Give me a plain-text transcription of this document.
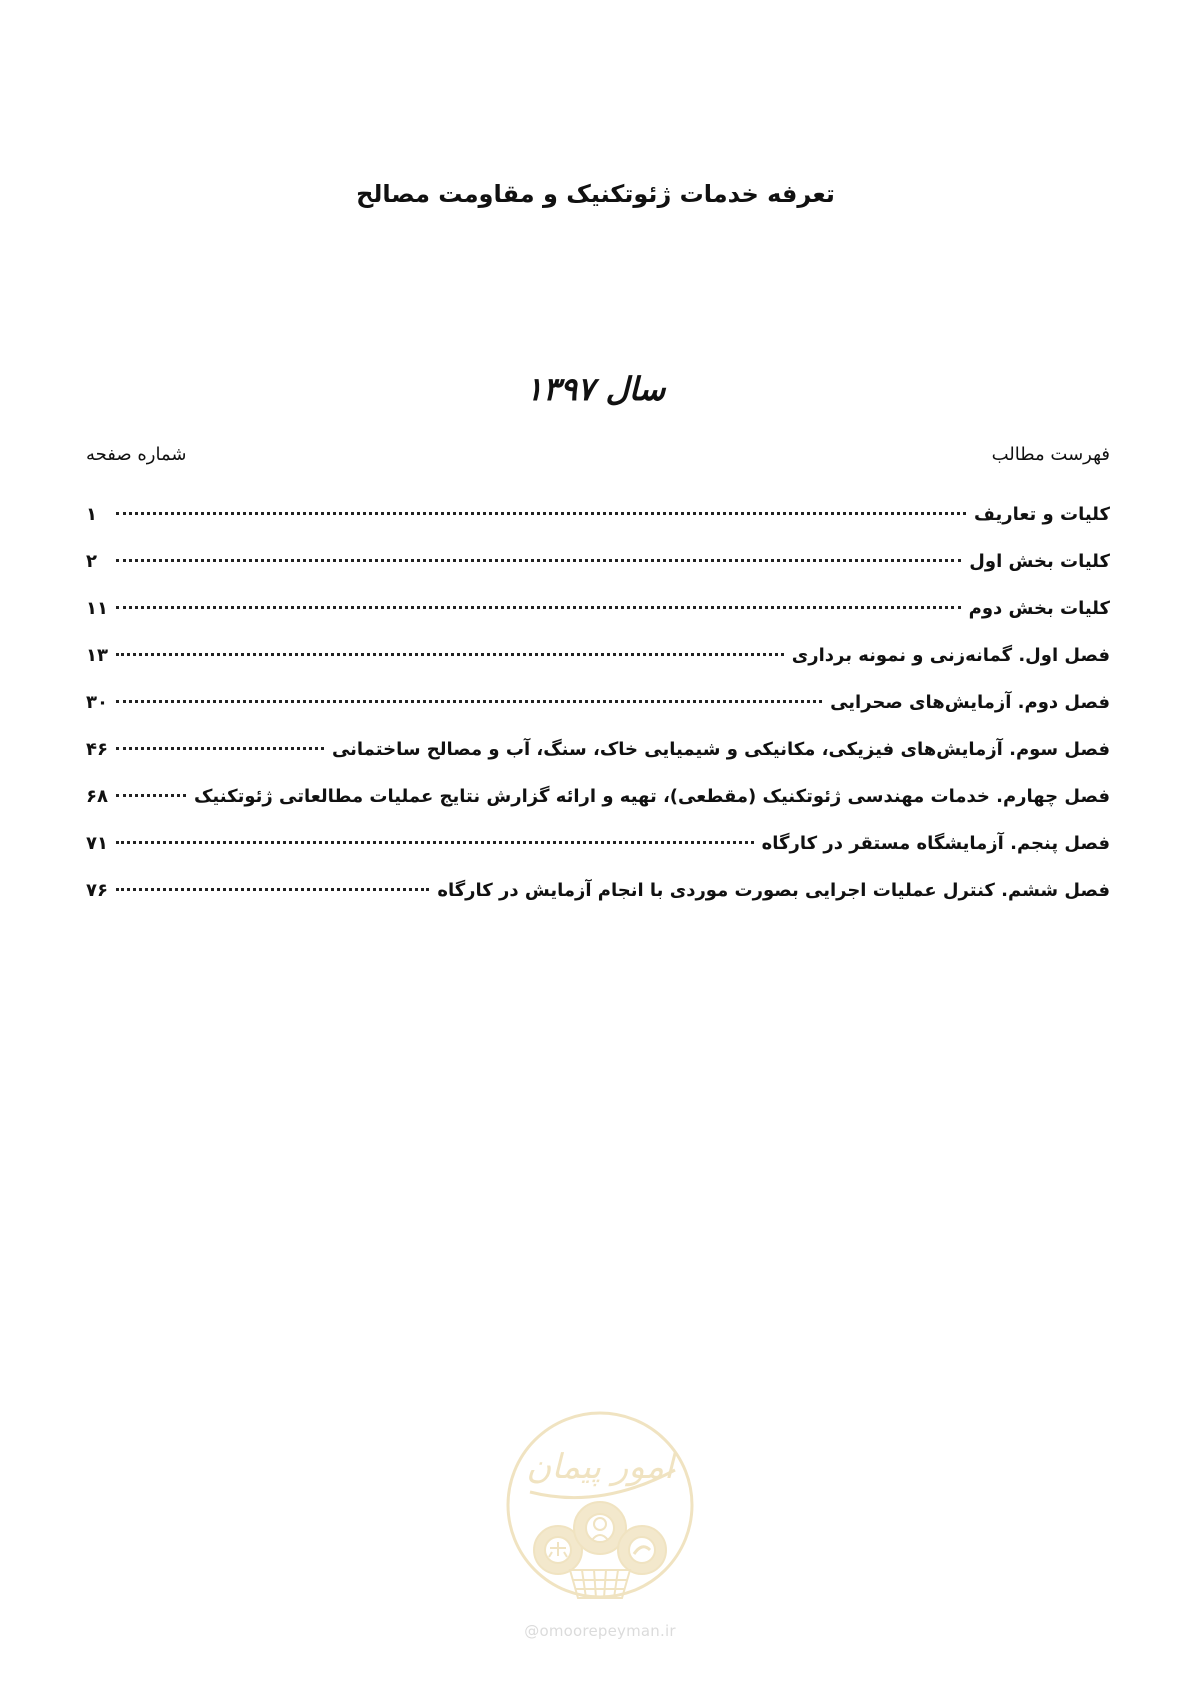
تعرفه خدمات ژئوتکنیک و مقاومت مصالح
سال ۱۳۹۷
فهرست مطالب
شماره صفحه
کلیات و تعاریف
۱
کلیات بخش اول
۲
کلیات بخش دوم
۱۱
فصل اول. گمانه‌زنی و نمونه برداری
۱۳
فصل دوم. آزمایش‌های صحرایی
۳۰
فصل سوم. آزمایش‌های فیزیکی، مکانیکی و شیمیایی خاک، سنگ، آب و مصالح ساختمانی
۴۶
فصل چهارم. خدمات مهندسی ژئوتکنیک (مقطعی)، تهیه و ارائه گزارش نتایج عملیات مطالعاتی ژئوتکنیک
۶۸
فصل پنجم. آزمایشگاه مستقر در کارگاه
۷۱
فصل ششم. کنترل عملیات اجرایی بصورت موردی با انجام آزمایش در کارگاه
۷۶
امور پیمان
@omoorepeyman.ir
